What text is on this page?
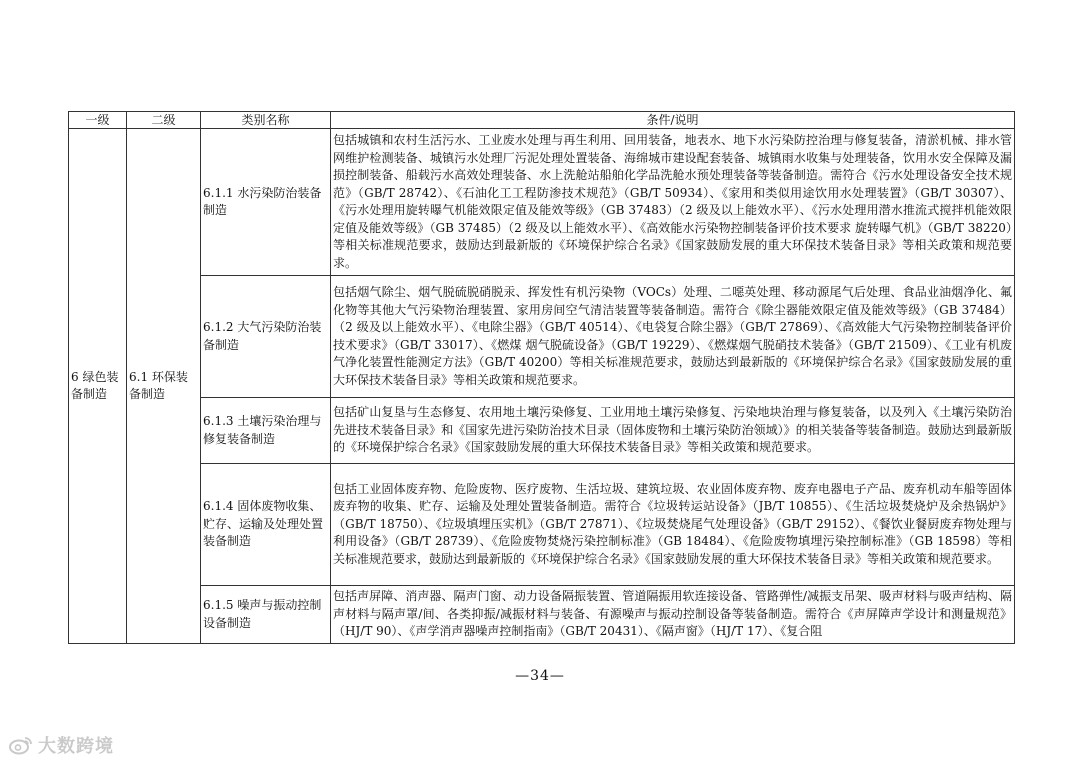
一级	二级	类别名称	条件/说明
6 绿色装备制造	6.1 环保装备制造	6.1.1 水污染防治装备制造	包括城镇和农村生活污水、工业废水处理与再生利用、回用装备，地表水、地下水污染防控治理与修复装备，清淤机械、排水管网维护检测装备、城镇污水处理厂污泥处理处置装备、海绵城市建设配套装备、城镇雨水收集与处理装备，饮用水安全保障及漏损控制装备、船载污水高效处理装备、水上洗舱站船舶化学品洗舱水预处理装备等装备制造。需符合《污水处理设备安全技术规范》（GB/T 28742）、《石油化工工程防渗技术规范》（GB/T 50934）、《家用和类似用途饮用水处理装置》（GB/T 30307）、《污水处理用旋转曝气机能效限定值及能效等级》（GB 37483）（2 级及以上能效水平）、《污水处理用潜水推流式搅拌机能效限定值及能效等级》（GB 37485）（2 级及以上能效水平）、《高效能水污染物控制装备评价技术要求 旋转曝气机》（GB/T 38220）等相关标准规范要求，鼓励达到最新版的《环境保护综合名录》《国家鼓励发展的重大环保技术装备目录》等相关政策和规范要求。
		6.1.2 大气污染防治装备制造	包括烟气除尘、烟气脱硫脱硝脱汞、挥发性有机污染物（VOCs）处理、二噁英处理、移动源尾气后处理、食品业油烟净化、氟化物等其他大气污染物治理装置、家用房间空气清洁装置等装备制造。需符合《除尘器能效限定值及能效等级》（GB 37484）（2 级及以上能效水平）、《电除尘器》（GB/T 40514）、《电袋复合除尘器》（GB/T 27869）、《高效能大气污染物控制装备评价技术要求》（GB/T 33017）、《燃煤 烟气脱硫设备》（GB/T 19229）、《燃煤烟气脱硝技术装备》（GB/T 21509）、《工业有机废气净化装置性能测定方法》（GB/T 40200）等相关标准规范要求，鼓励达到最新版的《环境保护综合名录》《国家鼓励发展的重大环保技术装备目录》等相关政策和规范要求。
		6.1.3 土壤污染治理与修复装备制造	包括矿山复垦与生态修复、农用地土壤污染修复、工业用地土壤污染修复、污染地块治理与修复装备，以及列入《土壤污染防治先进技术装备目录》和《国家先进污染防治技术目录（固体废物和土壤污染防治领域）》的相关装备等装备制造。鼓励达到最新版的《环境保护综合名录》《国家鼓励发展的重大环保技术装备目录》等相关政策和规范要求。
		6.1.4 固体废物收集、贮存、运输及处理处置装备制造	包括工业固体废弃物、危险废物、医疗废物、生活垃圾、建筑垃圾、农业固体废弃物、废弃电器电子产品、废弃机动车船等固体废弃物的收集、贮存、运输及处理处置装备制造。需符合《垃圾转运站设备》（JB/T 10855）、《生活垃圾焚烧炉及余热锅炉》（GB/T 18750）、《垃圾填埋压实机》（GB/T 27871）、《垃圾焚烧尾气处理设备》（GB/T 29152）、《餐饮业餐厨废弃物处理与利用设备》（GB/T 28739）、《危险废物焚烧污染控制标准》（GB 18484）、《危险废物填埋污染控制标准》（GB 18598）等相关标准规范要求，鼓励达到最新版的《环境保护综合名录》《国家鼓励发展的重大环保技术装备目录》等相关政策和规范要求。
		6.1.5 噪声与振动控制设备制造	包括声屏障、消声器、隔声门窗、动力设备隔振装置、管道隔振用软连接设备、管路弹性/减振支吊架、吸声材料与吸声结构、隔声材料与隔声罩/间、各类抑振/减振材料与装备、有源噪声与振动控制设备等装备制造。需符合《声屏障声学设计和测量规范》（HJ/T 90）、《声学消声器噪声控制指南》（GB/T 20431）、《隔声窗》（HJ/T 17）、《复合阻
—34—
大数跨境
